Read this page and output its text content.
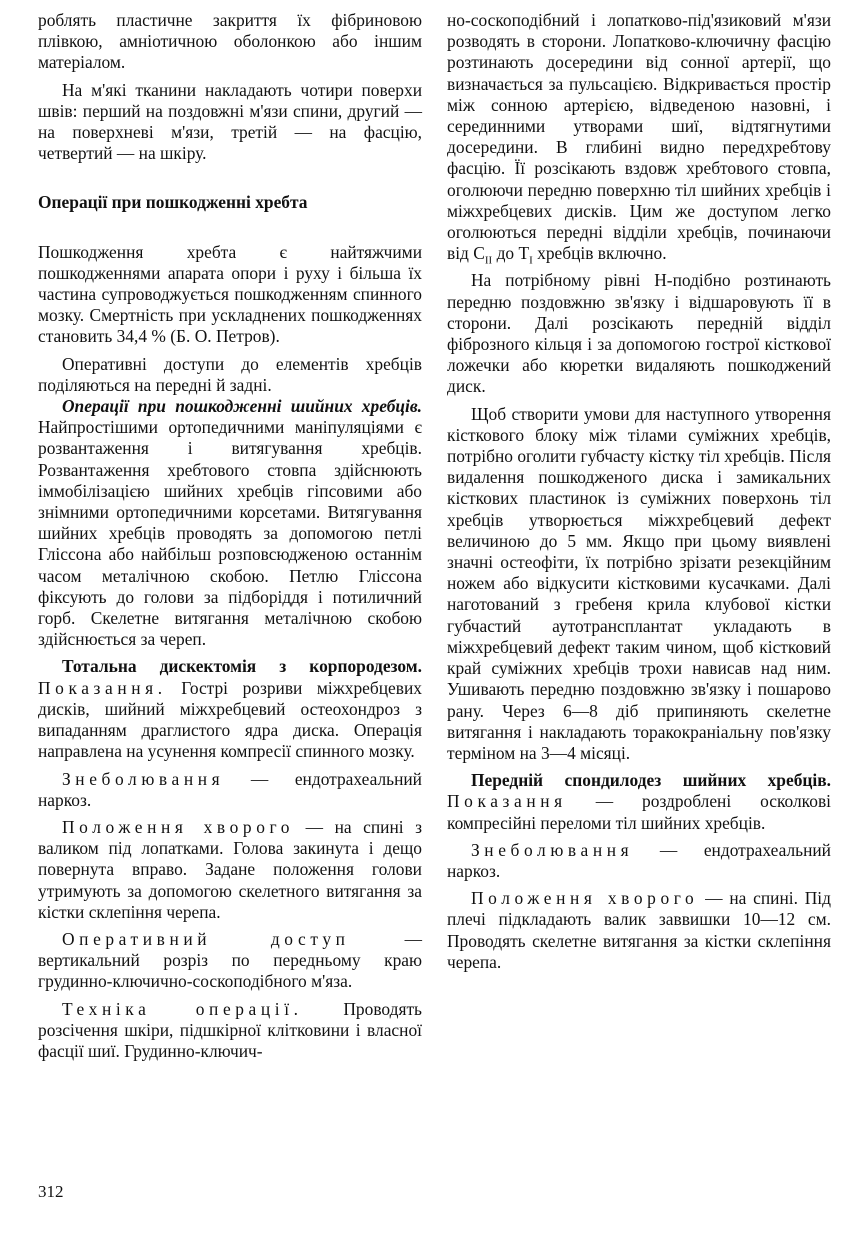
роблять пластичне закриття їх фібриновою плівкою, амніотичною оболонкою або іншим матеріалом.

На м'які тканини накладають чотири поверхи швів: перший на поздовжні м'язи спини, другий — на поверхневі м'язи, третій — на фасцію, четвертий — на шкіру.

Операції при пошкодженні хребта

Пошкодження хребта є найтяжчими пошкодженнями апарата опори і руху і більша їх частина супроводжується пошкодженням спинного мозку. Смертність при ускладнених пошкодженнях становить 34,4 % (Б. О. Петров).

Оперативні доступи до елементів хребців поділяються на передні й задні.

Операції при пошкодженні шийних хребців. Найпростішими ортопедичними маніпуляціями є розвантаження і витягування хребців. Розвантаження хребтового стовпа здійснюють іммобілізацією шийних хребців гіпсовими або знімними ортопедичними корсетами. Витягування шийних хребців проводять за допомогою петлі Гліссона або найбільш розповсюдженою останнім часом металічною скобою. Петлю Гліссона фіксують до голови за підборіддя і потиличний горб. Скелетне витягання металічною скобою здійснюється за череп.

Тотальна дискектомія з корпородезом. Показання. Гострі розриви міжхребцевих дисків, шийний міжхребцевий остеохондроз з випаданням драглистого ядра диска. Операція направлена на усунення компресії спинного мозку.

Знеболювання — ендотрахеальний наркоз.

Положення хворого — на спині з валиком під лопатками. Голова закинута і дещо повернута вправо. Задане положення голови утримують за допомогою скелетного витягання за кістки склепіння черепа.

Оперативний доступ	— вертикальний розріз по передньому краю грудинно-ключично-соскоподібного м'яза.

Техніка операції. Проводять розсічення шкіри, підшкірної клітковини і власної фасції шиї. Грудинно-ключич-

но-соскоподібний і лопатково-під'язиковий м'язи розводять в сторони. Лопатково-ключичну фасцію розтинають досередини від сонної артерії, що визначається за пульсацією. Відкривається простір між сонною артерією, відведеною назовні, і серединними утворами шиї, відтягнутими досередини. В глибині видно передхребтову фасцію. Її розсікають вздовж хребтового стовпа, оголюючи передню поверхню тіл шийних хребців і міжхребцевих дисків. Цим же доступом легко оголюються передні відділи хребців, починаючи від $C_{II}$ до $T_I$ хребців включно.

На потрібному рівні Н-подібно розтинають передню поздовжню зв'язку і відшаровують її в сторони. Далі розсікають передній відділ фіброзного кільця і за допомогою гострої кісткової ложечки або кюретки видаляють пошкоджений диск.

Щоб створити умови для наступного утворення кісткового блоку між тілами суміжних хребців, потрібно оголити губчасту кістку тіл хребців. Після видалення пошкодженого диска і замикальних кісткових пластинок із суміжних поверхонь тіл хребців утворюється міжхребцевий дефект величиною до 5 мм. Якщо при цьому виявлені значні остеофіти, їх потрібно зрізати резекційним ножем або відкусити кістковими кусачками. Далі наготований з гребеня крила клубової кістки губчастий аутотрансплантат укладають в міжхребцевий дефект таким чином, щоб кістковий край суміжних хребців трохи нависав над ним. Ушивають передню поздовжню зв'язку і пошарово рану. Через 6—8 діб припиняють скелетне витягання і накладають торакокраніальну пов'язку терміном на 3—4 місяці.

Передній спондилодез шийних хребців. Показання — роздроблені осколкові компресійні переломи тіл шийних хребців.

Знеболювання — ендотрахеальний наркоз.

Положення хворого — на спині. Під плечі підкладають валик заввишки 10—12 см. Проводять скелетне витягання за кістки склепіння черепа.

312
